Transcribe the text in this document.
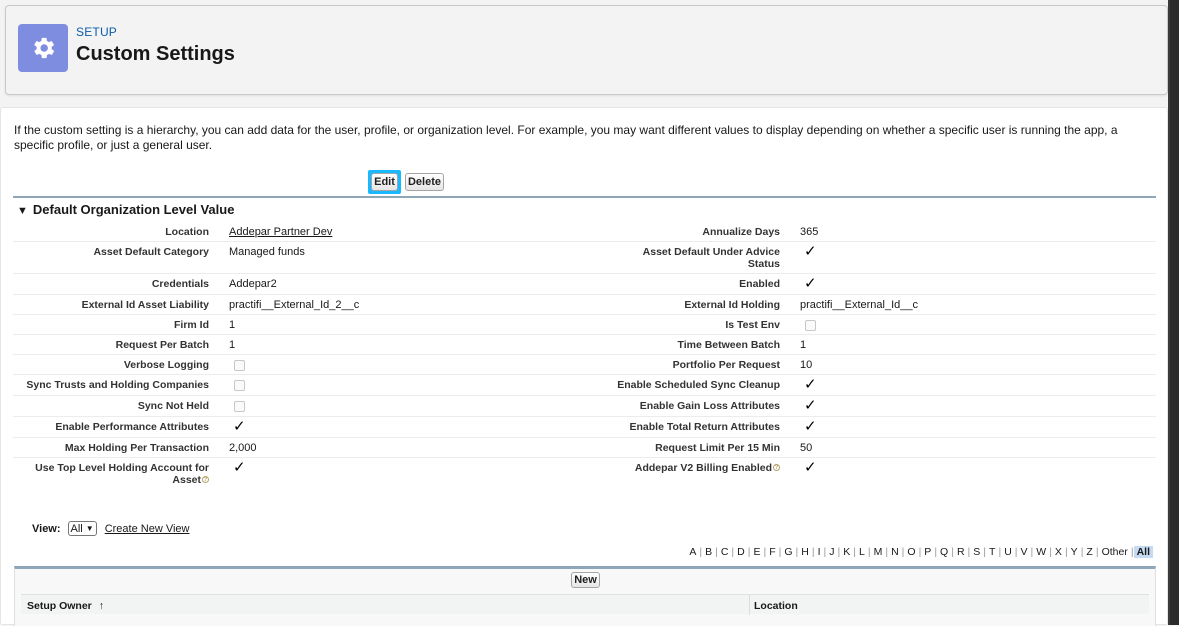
SETUP
Custom Settings
If the custom setting is a hierarchy, you can add data for the user, profile, or organization level. For example, you may want different values to display depending on whether a specific user is running the app, a specific profile, or just a general user.
Edit Delete
▼ Default Organization Level Value
Location	Addepar Partner Dev	Annualize Days	365
Asset Default Category	Managed funds	Asset Default Under Advice Status	✓
Credentials	Addepar2	Enabled	✓
External Id Asset Liability	practifi__External_Id_2__c	External Id Holding	practifi__External_Id__c
Firm Id	1	Is Test Env	
Request Per Batch	1	Time Between Batch	1
Verbose Logging		Portfolio Per Request	10
Sync Trusts and Holding Companies		Enable Scheduled Sync Cleanup	✓
Sync Not Held		Enable Gain Loss Attributes	✓
Enable Performance Attributes	✓	Enable Total Return Attributes	✓
Max Holding Per Transaction	2,000	Request Limit Per 15 Min	50
Use Top Level Holding Account for Asset ?	✓	Addepar V2 Billing Enabled ?	✓
View: All ▼ Create New View
A | B | C | D | E | F | G | H | I | J | K | L | M | N | O | P | Q | R | S | T | U | V | W | X | Y | Z | Other | All
New
Setup Owner ↑	Location
